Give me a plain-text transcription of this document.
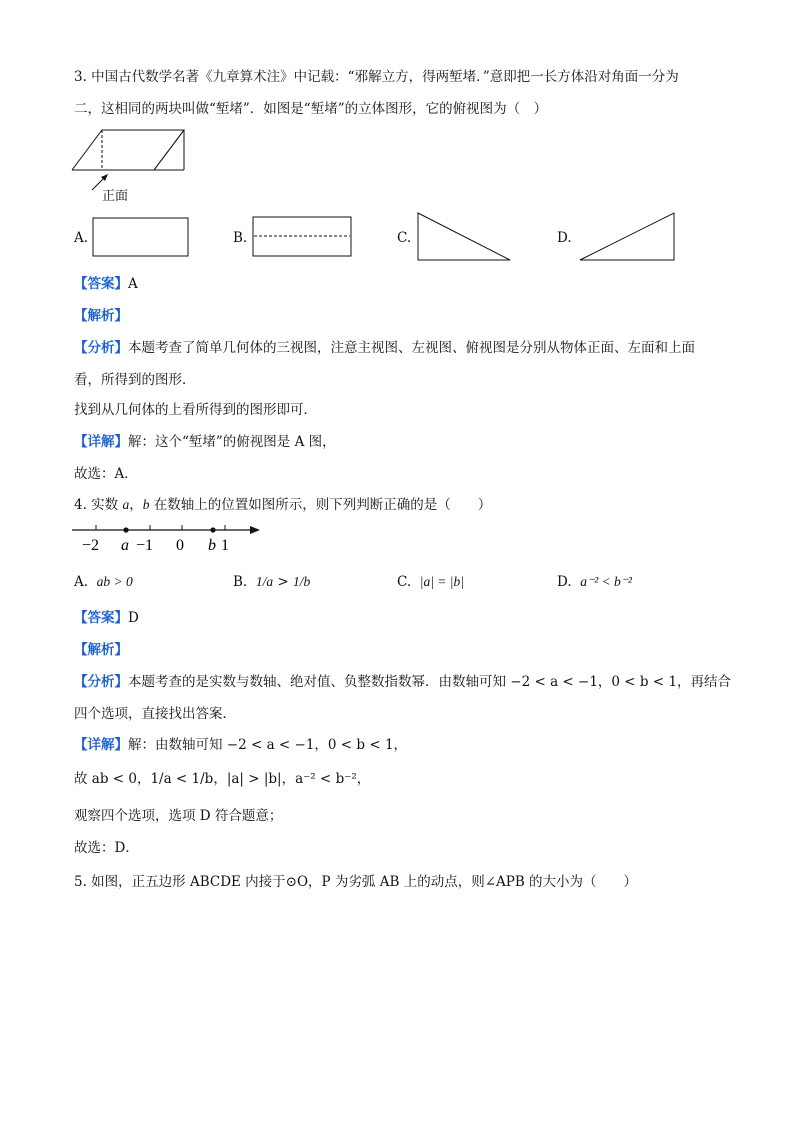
3. 中国古代数学名著《九章算术注》中记载：“邪解立方，得两堑堵．”意即把一长方体沿对角面一分为
二，这相同的两块叫做“堑堵”．如图是“堑堵”的立体图形，它的俯视图为（　）
正面
A.	B.	C.	D.
【答案】A
【解析】
【分析】本题考查了简单几何体的三视图，注意主视图、左视图、俯视图是分别从物体正面、左面和上面
看，所得到的图形．
找到从几何体的上看所得到的图形即可．
【详解】解：这个“堑堵”的俯视图是 A 图，
故选：A．
4. 实数 a，b 在数轴上的位置如图所示，则下列判断正确的是（　　）
−2 a −1 0 b 1
A. ab > 0	B. 1/a > 1/b	C. |a| = |b|	D. a⁻² < b⁻²
【答案】D
【解析】
【分析】本题考查的是实数与数轴、绝对值、负整数指数幂．由数轴可知 −2 < a < −1，0 < b < 1，再结合
四个选项，直接找出答案．
【详解】解：由数轴可知 −2 < a < −1，0 < b < 1，
故 ab < 0，1/a < 1/b，|a| > |b|，a⁻² < b⁻²，
观察四个选项，选项 D 符合题意；
故选：D．
5. 如图，正五边形 ABCDE 内接于⊙O，P 为劣弧 AB 上的动点，则∠APB 的大小为（　　）
